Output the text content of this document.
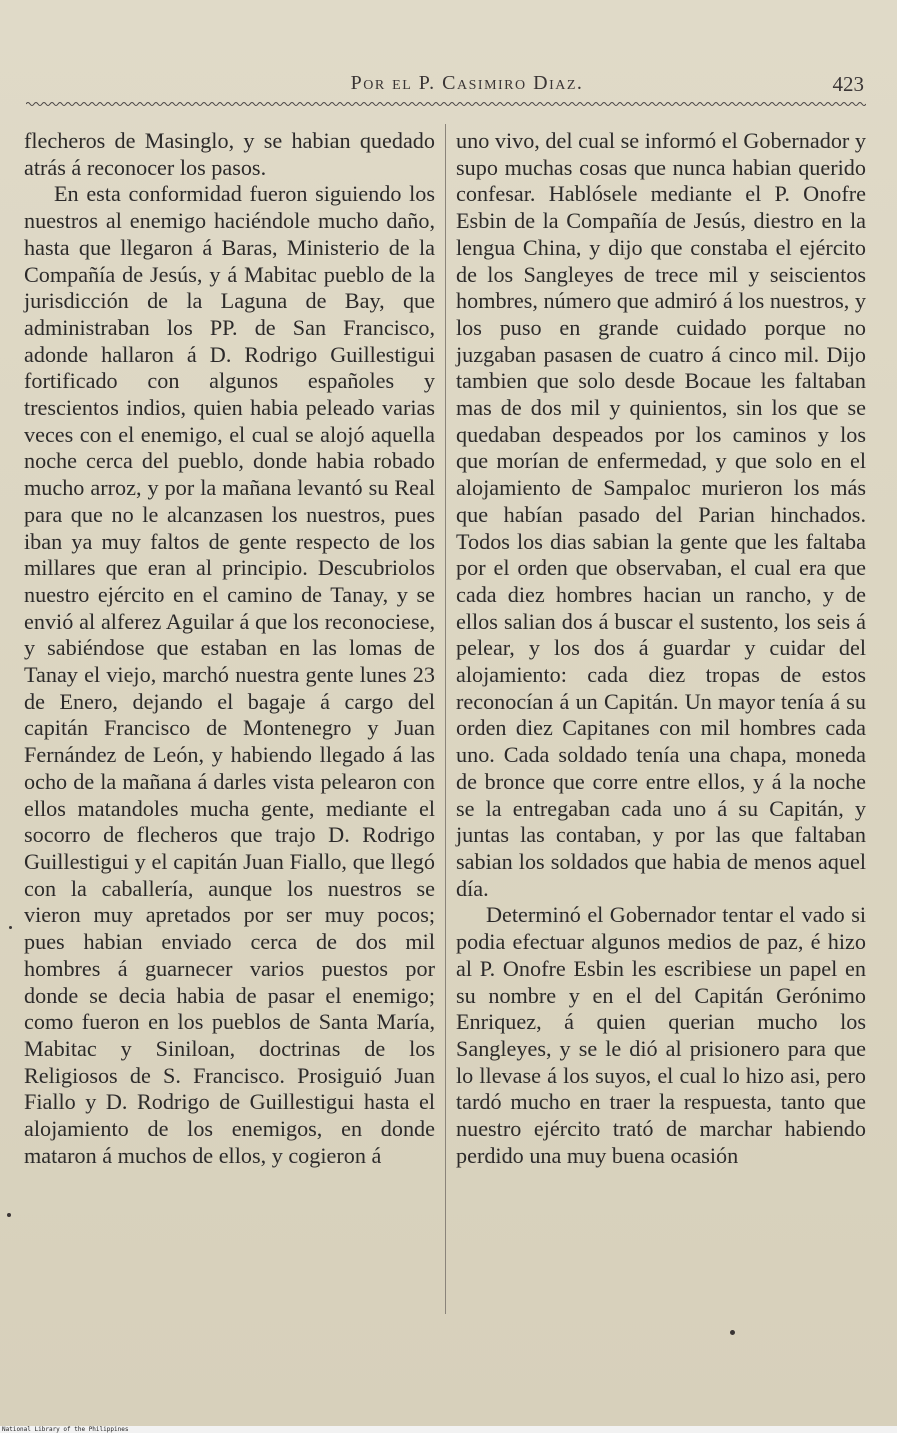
Por el P. Casimiro Diaz.	423

flecheros de Masinglo, y se habian quedado atrás á reconocer los pasos.

En esta conformidad fueron siguiendo los nuestros al enemigo haciéndole mucho daño, hasta que llegaron á Baras, Ministerio de la Compañía de Jesús, y á Mabitac pueblo de la jurisdicción de la Laguna de Bay, que administraban los PP. de San Francisco, adonde hallaron á D. Rodrigo Guillestigui fortificado con algunos españoles y trescientos indios, quien habia peleado varias veces con el enemigo, el cual se alojó aquella noche cerca del pueblo, donde habia robado mucho arroz, y por la mañana levantó su Real para que no le alcanzasen los nuestros, pues iban ya muy faltos de gente respecto de los millares que eran al principio. Descubriolos nuestro ejército en el camino de Tanay, y se envió al alferez Aguilar á que los reconociese, y sabiéndose que estaban en las lomas de Tanay el viejo, marchó nuestra gente lunes 23 de Enero, dejando el bagaje á cargo del capitán Francisco de Montenegro y Juan Fernández de León, y habiendo llegado á las ocho de la mañana á darles vista pelearon con ellos matandoles mucha gente, mediante el socorro de flecheros que trajo D. Rodrigo Guillestigui y el capitán Juan Fiallo, que llegó con la caballería, aunque los nuestros se vieron muy apretados por ser muy pocos; pues habian enviado cerca de dos mil hombres á guarnecer varios puestos por donde se decia habia de pasar el enemigo; como fueron en los pueblos de Santa María, Mabitac y Siniloan, doctrinas de los Religiosos de S. Francisco. Prosiguió Juan Fiallo y D. Rodrigo de Guillestigui hasta el alojamiento de los enemigos, en donde mataron á muchos de ellos, y cogieron á

uno vivo, del cual se informó el Gobernador y supo muchas cosas que nunca habian querido confesar. Hablósele mediante el P. Onofre Esbin de la Compañía de Jesús, diestro en la lengua China, y dijo que constaba el ejército de los Sangleyes de trece mil y seiscientos hombres, número que admiró á los nuestros, y los puso en grande cuidado porque no juzgaban pasasen de cuatro á cinco mil. Dijo tambien que solo desde Bocaue les faltaban mas de dos mil y quinientos, sin los que se quedaban despeados por los caminos y los que morían de enfermedad, y que solo en el alojamiento de Sampaloc murieron los más que habían pasado del Parian hinchados. Todos los dias sabian la gente que les faltaba por el orden que observaban, el cual era que cada diez hombres hacian un rancho, y de ellos salian dos á buscar el sustento, los seis á pelear, y los dos á guardar y cuidar del alojamiento: cada diez tropas de estos reconocían á un Capitán. Un mayor tenía á su orden diez Capitanes con mil hombres cada uno. Cada soldado tenía una chapa, moneda de bronce que corre entre ellos, y á la noche se la entregaban cada uno á su Capitán, y juntas las contaban, y por las que faltaban sabian los soldados que habia de menos aquel día.

Determinó el Gobernador tentar el vado si podia efectuar algunos medios de paz, é hizo al P. Onofre Esbin les escribiese un papel en su nombre y en el del Capitán Gerónimo Enriquez, á quien querian mucho los Sangleyes, y se le dió al prisionero para que lo llevase á los suyos, el cual lo hizo asi, pero tardó mucho en traer la respuesta, tanto que nuestro ejército trató de marchar habiendo perdido una muy buena ocasión

National Library of the Philippines
